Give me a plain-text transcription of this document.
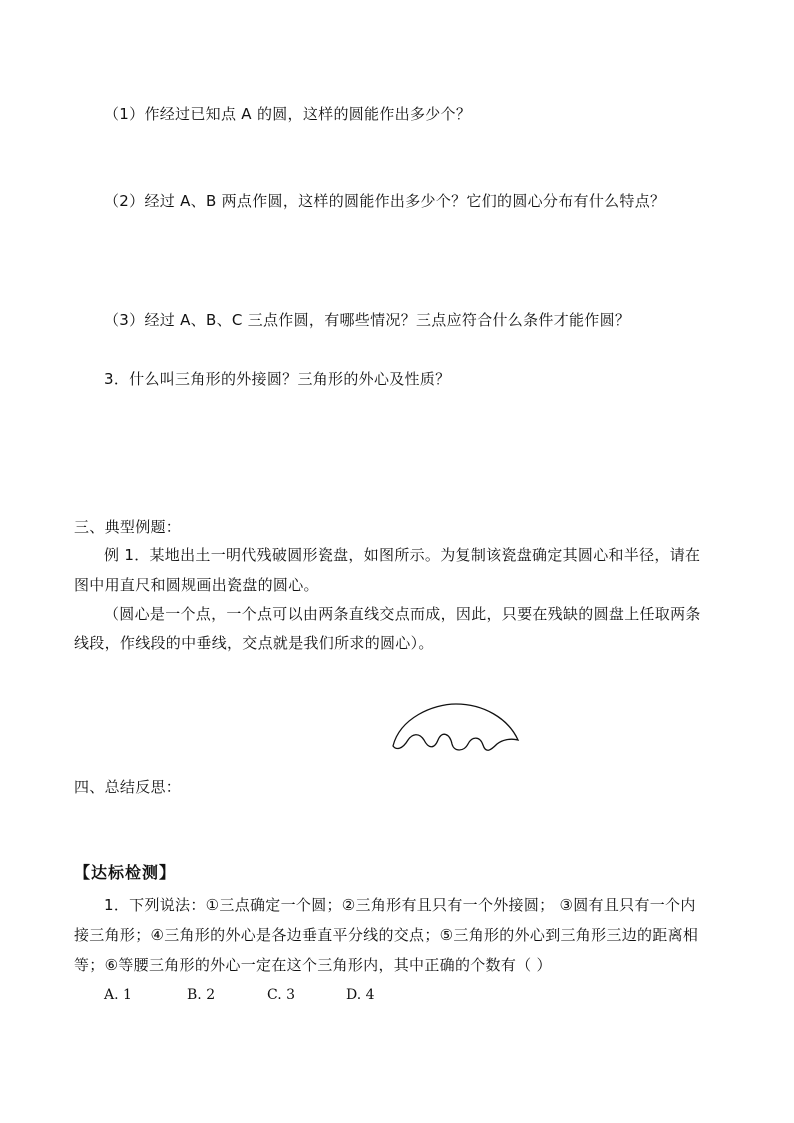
（1）作经过已知点 A 的圆，这样的圆能作出多少个？
（2）经过 A、B 两点作圆，这样的圆能作出多少个？它们的圆心分布有什么特点？
（3）经过 A、B、C 三点作圆，有哪些情况？三点应符合什么条件才能作圆？
3．什么叫三角形的外接圆？三角形的外心及性质？
三、典型例题：
例 1．某地出土一明代残破圆形瓷盘，如图所示。为复制该瓷盘确定其圆心和半径，请在
图中用直尺和圆规画出瓷盘的圆心。
（圆心是一个点，一个点可以由两条直线交点而成，因此，只要在残缺的圆盘上任取两条
线段，作线段的中垂线，交点就是我们所求的圆心）。
四、总结反思：
【达标检测】
1．下列说法：①三点确定一个圆；②三角形有且只有一个外接圆； ③圆有且只有一个内
接三角形；④三角形的外心是各边垂直平分线的交点；⑤三角形的外心到三角形三边的距离相
等；⑥等腰三角形的外心一定在这个三角形内，其中正确的个数有（ ）
A. 1	B. 2	C. 3	D. 4
